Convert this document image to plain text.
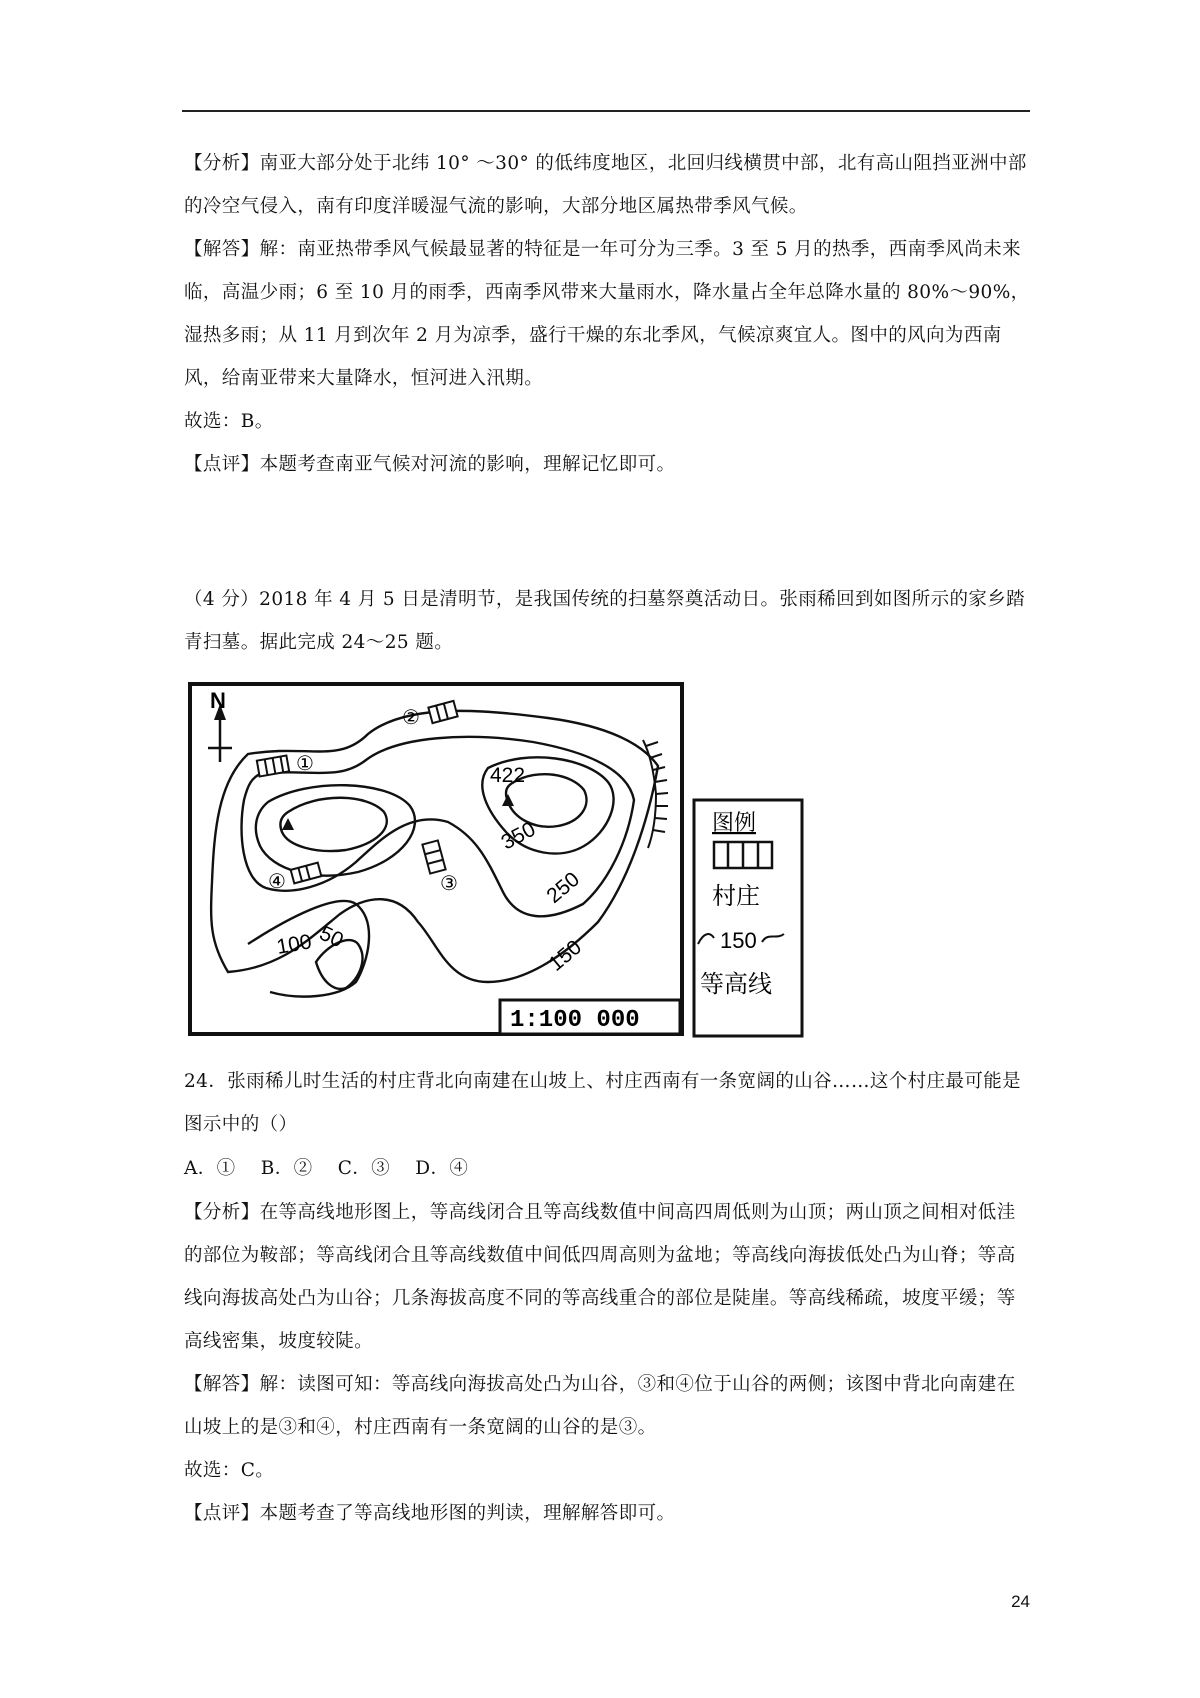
【分析】南亚大部分处于北纬 10° ～30° 的低纬度地区，北回归线横贯中部，北有高山阻挡亚洲中部的冷空气侵入，南有印度洋暖湿气流的影响，大部分地区属热带季风气候。

【解答】解：南亚热带季风气候最显著的特征是一年可分为三季。3 至 5 月的热季，西南季风尚未来临，高温少雨；6 至 10 月的雨季，西南季风带来大量雨水，降水量占全年总降水量的 80%～90%，湿热多雨；从 11 月到次年 2 月为凉季，盛行干燥的东北季风，气候凉爽宜人。图中的风向为西南风，给南亚带来大量降水，恒河进入汛期。

故选：B。

【点评】本题考查南亚气候对河流的影响，理解记忆即可。

（4 分）2018 年 4 月 5 日是清明节，是我国传统的扫墓祭奠活动日。张雨稀回到如图所示的家乡踏青扫墓。据此完成 24～25 题。

N
422
350
250
150
100 50
①
②
③
④
1:100 000
图例
村庄
150
等高线

24．张雨稀儿时生活的村庄背北向南建在山坡上、村庄西南有一条宽阔的山谷……这个村庄最可能是图示中的（）

A．①　 B．②　 C．③　 D．④

【分析】在等高线地形图上，等高线闭合且等高线数值中间高四周低则为山顶；两山顶之间相对低洼的部位为鞍部；等高线闭合且等高线数值中间低四周高则为盆地；等高线向海拔低处凸为山脊；等高线向海拔高处凸为山谷；几条海拔高度不同的等高线重合的部位是陡崖。等高线稀疏，坡度平缓；等高线密集，坡度较陡。

【解答】解：读图可知：等高线向海拔高处凸为山谷，③和④位于山谷的两侧；该图中背北向南建在山坡上的是③和④，村庄西南有一条宽阔的山谷的是③。

故选：C。

【点评】本题考查了等高线地形图的判读，理解解答即可。

24
